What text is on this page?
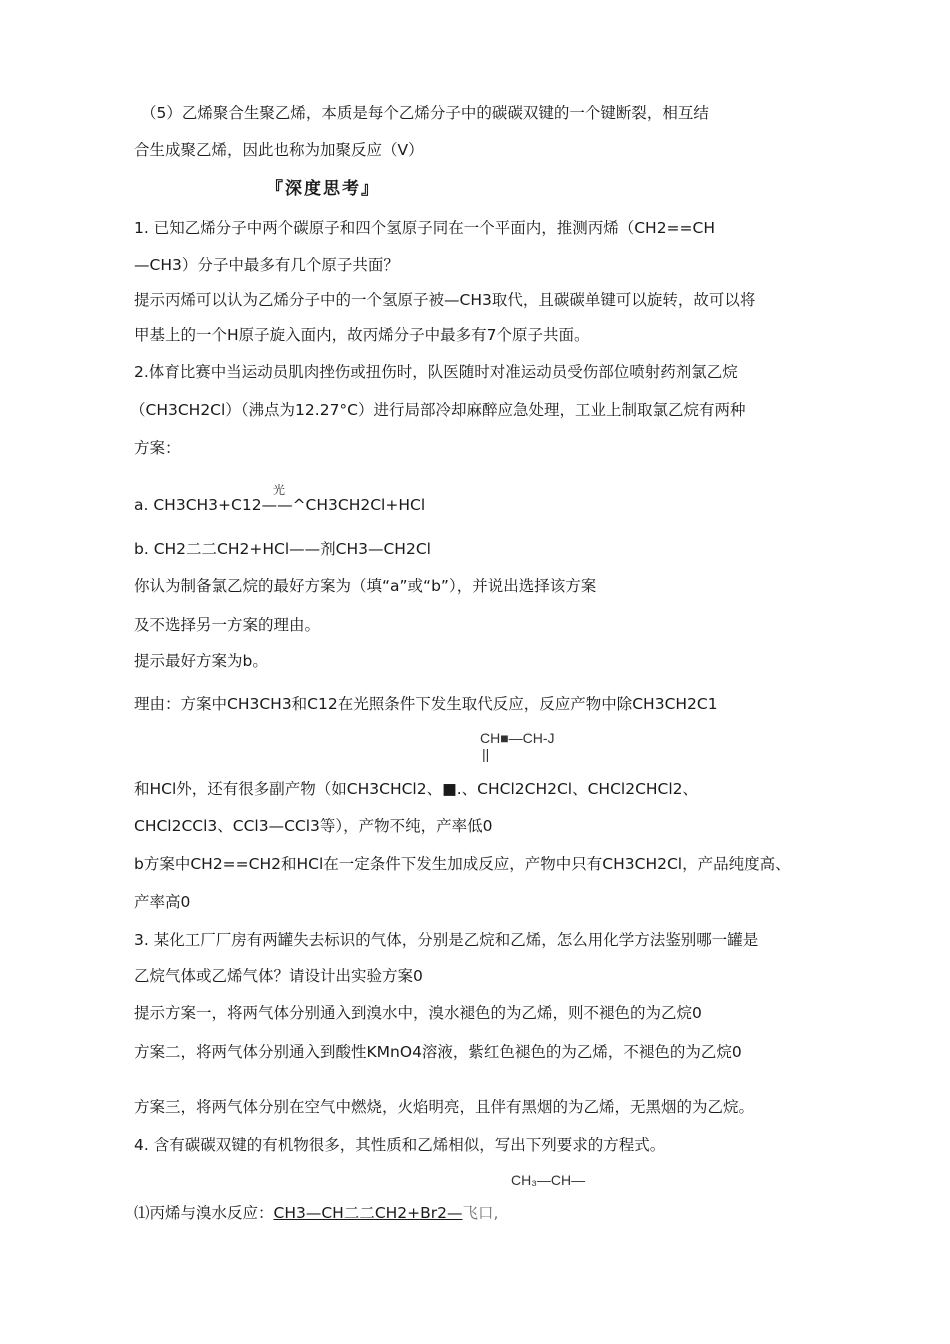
（5）乙烯聚合生聚乙烯，本质是每个乙烯分子中的碳碳双键的一个键断裂，相互结
合生成聚乙烯，因此也称为加聚反应（V）
『深度思考』
1. 已知乙烯分子中两个碳原子和四个氢原子同在一个平面内，推测丙烯（CH2==CH
—CH3）分子中最多有几个原子共面？
提示丙烯可以认为乙烯分子中的一个氢原子被—CH3取代，且碳碳单键可以旋转，故可以将
甲基上的一个H原子旋入面内，故丙烯分子中最多有7个原子共面。
2.体育比赛中当运动员肌肉挫伤或扭伤时，队医随时对准运动员受伤部位喷射药剂氯乙烷
（CH3CH2Cl）（沸点为12.27°C）进行局部冷却麻醉应急处理，工业上制取氯乙烷有两种
方案：
光
a. CH3CH3+C12——^CH3CH2Cl+HCl
b. CH2二二CH2+HCl——剂CH3—CH2Cl
你认为制备氯乙烷的最好方案为（填“a”或“b”），并说出选择该方案
及不选择另一方案的理由。
提示最好方案为b。
理由：方案中CH3CH3和C12在光照条件下发生取代反应，反应产物中除CH3CH2C1
CH■—CH-J
||
和HCl外，还有很多副产物（如CH3CHCl2、■.、CHCl2CH2Cl、CHCl2CHCl2、
CHCl2CCl3、CCl3—CCl3等），产物不纯，产率低0
b方案中CH2==CH2和HCl在一定条件下发生加成反应，产物中只有CH3CH2Cl，产品纯度高、
产率高0
3. 某化工厂厂房有两罐失去标识的气体，分别是乙烷和乙烯，怎么用化学方法鉴别哪一罐是
乙烷气体或乙烯气体？请设计出实验方案0
提示方案一，将两气体分别通入到溴水中，溴水褪色的为乙烯，则不褪色的为乙烷0
方案二，将两气体分别通入到酸性KMnO4溶液，紫红色褪色的为乙烯，不褪色的为乙烷0
方案三，将两气体分别在空气中燃烧，火焰明亮，且伴有黑烟的为乙烯，无黑烟的为乙烷。
4. 含有碳碳双键的有机物很多，其性质和乙烯相似，写出下列要求的方程式。
CH₃—CH—
⑴丙烯与溴水反应：CH3—CH二二CH2+Br2—飞口,
